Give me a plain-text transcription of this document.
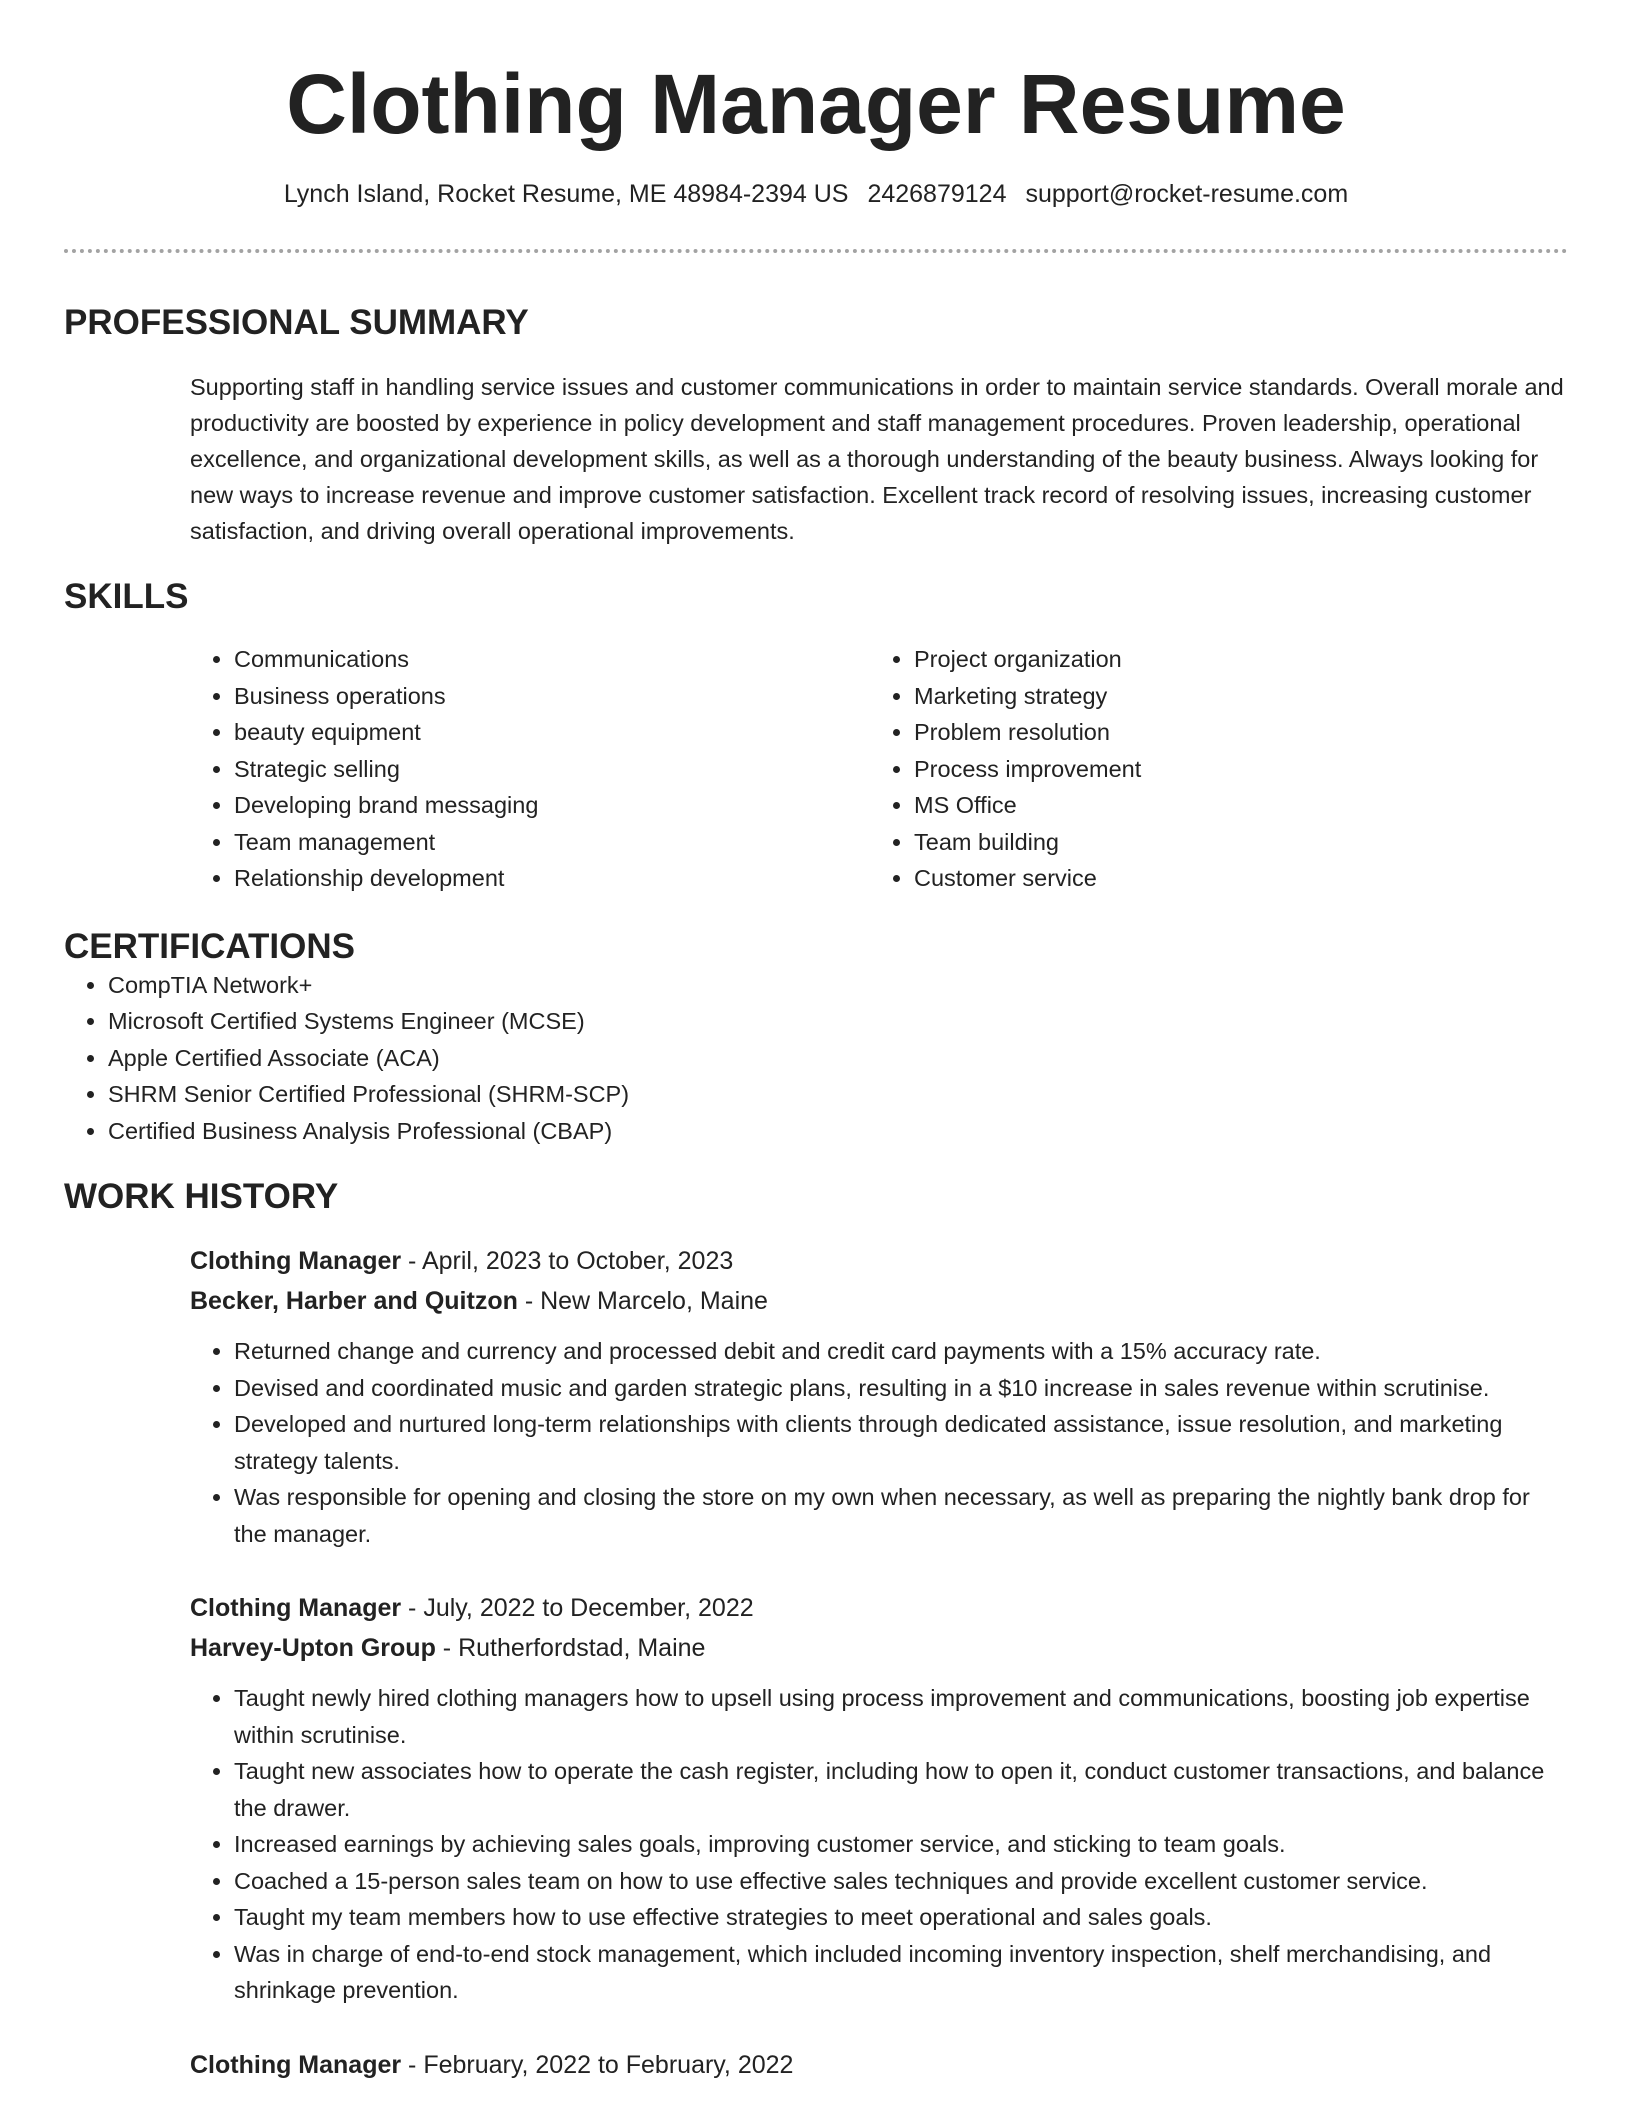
Clothing Manager Resume
Lynch Island, Rocket Resume, ME 48984-2394 US 2426879124 support@rocket-resume.com
PROFESSIONAL SUMMARY

Supporting staff in handling service issues and customer communications in order to maintain service standards. Overall morale and productivity are boosted by experience in policy development and staff management procedures. Proven leadership, operational excellence, and organizational development skills, as well as a thorough understanding of the beauty business. Always looking for new ways to increase revenue and improve customer satisfaction. Excellent track record of resolving issues, increasing customer satisfaction, and driving overall operational improvements.

SKILLS
• Communications
• Business operations
• beauty equipment
• Strategic selling
• Developing brand messaging
• Team management
• Relationship development
• Project organization
• Marketing strategy
• Problem resolution
• Process improvement
• MS Office
• Team building
• Customer service
CERTIFICATIONS
• CompTIA Network+
• Microsoft Certified Systems Engineer (MCSE)
• Apple Certified Associate (ACA)
• SHRM Senior Certified Professional (SHRM-SCP)
• Certified Business Analysis Professional (CBAP)
WORK HISTORY
Clothing Manager - April, 2023 to October, 2023
Becker, Harber and Quitzon - New Marcelo, Maine
• Returned change and currency and processed debit and credit card payments with a 15% accuracy rate.
• Devised and coordinated music and garden strategic plans, resulting in a $10 increase in sales revenue within scrutinise.
• Developed and nurtured long-term relationships with clients through dedicated assistance, issue resolution, and marketing strategy talents.
• Was responsible for opening and closing the store on my own when necessary, as well as preparing the nightly bank drop for the manager.
Clothing Manager - July, 2022 to December, 2022
Harvey-Upton Group - Rutherfordstad, Maine
• Taught newly hired clothing managers how to upsell using process improvement and communications, boosting job expertise within scrutinise.
• Taught new associates how to operate the cash register, including how to open it, conduct customer transactions, and balance the drawer.
• Increased earnings by achieving sales goals, improving customer service, and sticking to team goals.
• Coached a 15-person sales team on how to use effective sales techniques and provide excellent customer service.
• Taught my team members how to use effective strategies to meet operational and sales goals.
• Was in charge of end-to-end stock management, which included incoming inventory inspection, shelf merchandising, and shrinkage prevention.
Clothing Manager - February, 2022 to February, 2022
